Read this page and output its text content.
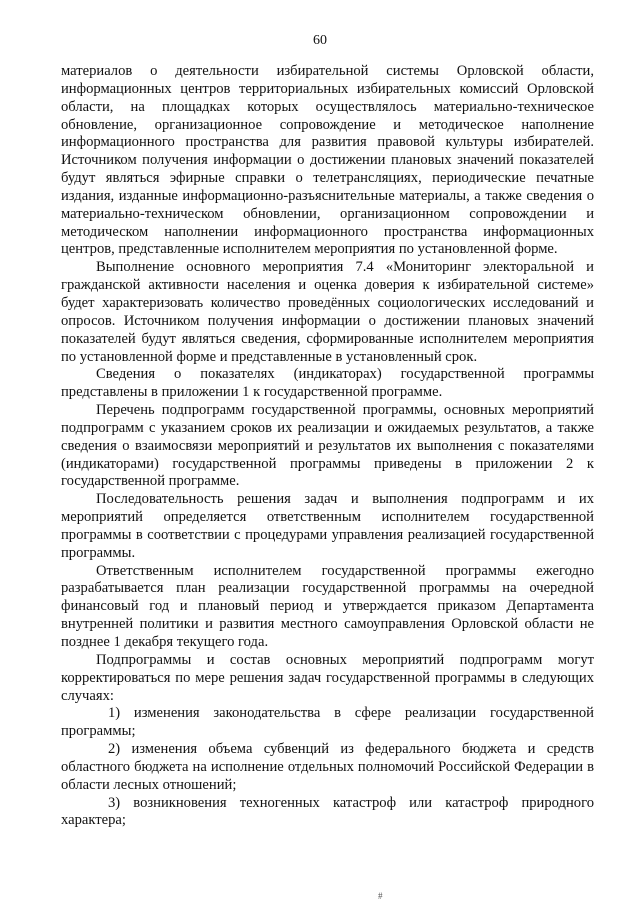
60

материалов о деятельности избирательной системы Орловской области, информационных центров территориальных избирательных комиссий Орловской области, на площадках которых осуществлялось материально-техническое обновление, организационное сопровождение и методическое наполнение информационного пространства для развития правовой культуры избирателей. Источником получения информации о достижении плановых значений показателей будут являться эфирные справки о телетрансляциях, периодические печатные издания, изданные информационно-разъяснительные материалы, а также сведения о материально-техническом обновлении, организационном сопровождении и методическом наполнении информационного пространства информационных центров, представленные исполнителем мероприятия по установленной форме.

Выполнение основного мероприятия 7.4 «Мониторинг электоральной и гражданской активности населения и оценка доверия к избирательной системе» будет характеризовать количество проведённых социологических исследований и опросов. Источником получения информации о достижении плановых значений показателей будут являться сведения, сформированные исполнителем мероприятия по установленной форме и представленные в установленный срок.

Сведения о показателях (индикаторах) государственной программы представлены в приложении 1 к государственной программе.

Перечень подпрограмм государственной программы, основных мероприятий подпрограмм с указанием сроков их реализации и ожидаемых результатов, а также сведения о взаимосвязи мероприятий и результатов их выполнения с показателями (индикаторами) государственной программы приведены в приложении 2 к государственной программе.

Последовательность решения задач и выполнения подпрограмм и их мероприятий определяется ответственным исполнителем государственной программы в соответствии с процедурами управления реализацией государственной программы.

Ответственным исполнителем государственной программы ежегодно разрабатывается план реализации государственной программы на очередной финансовый год и плановый период и утверждается приказом Департамента внутренней политики и развития местного самоуправления Орловской области не позднее 1 декабря текущего года.

Подпрограммы и состав основных мероприятий подпрограмм могут корректироваться по мере решения задач государственной программы в следующих случаях:

1) изменения законодательства в сфере реализации государственной программы;

2) изменения объема субвенций из федерального бюджета и средств областного бюджета на исполнение отдельных полномочий Российской Федерации в области лесных отношений;

3) возникновения техногенных катастроф или катастроф природного характера;

#
